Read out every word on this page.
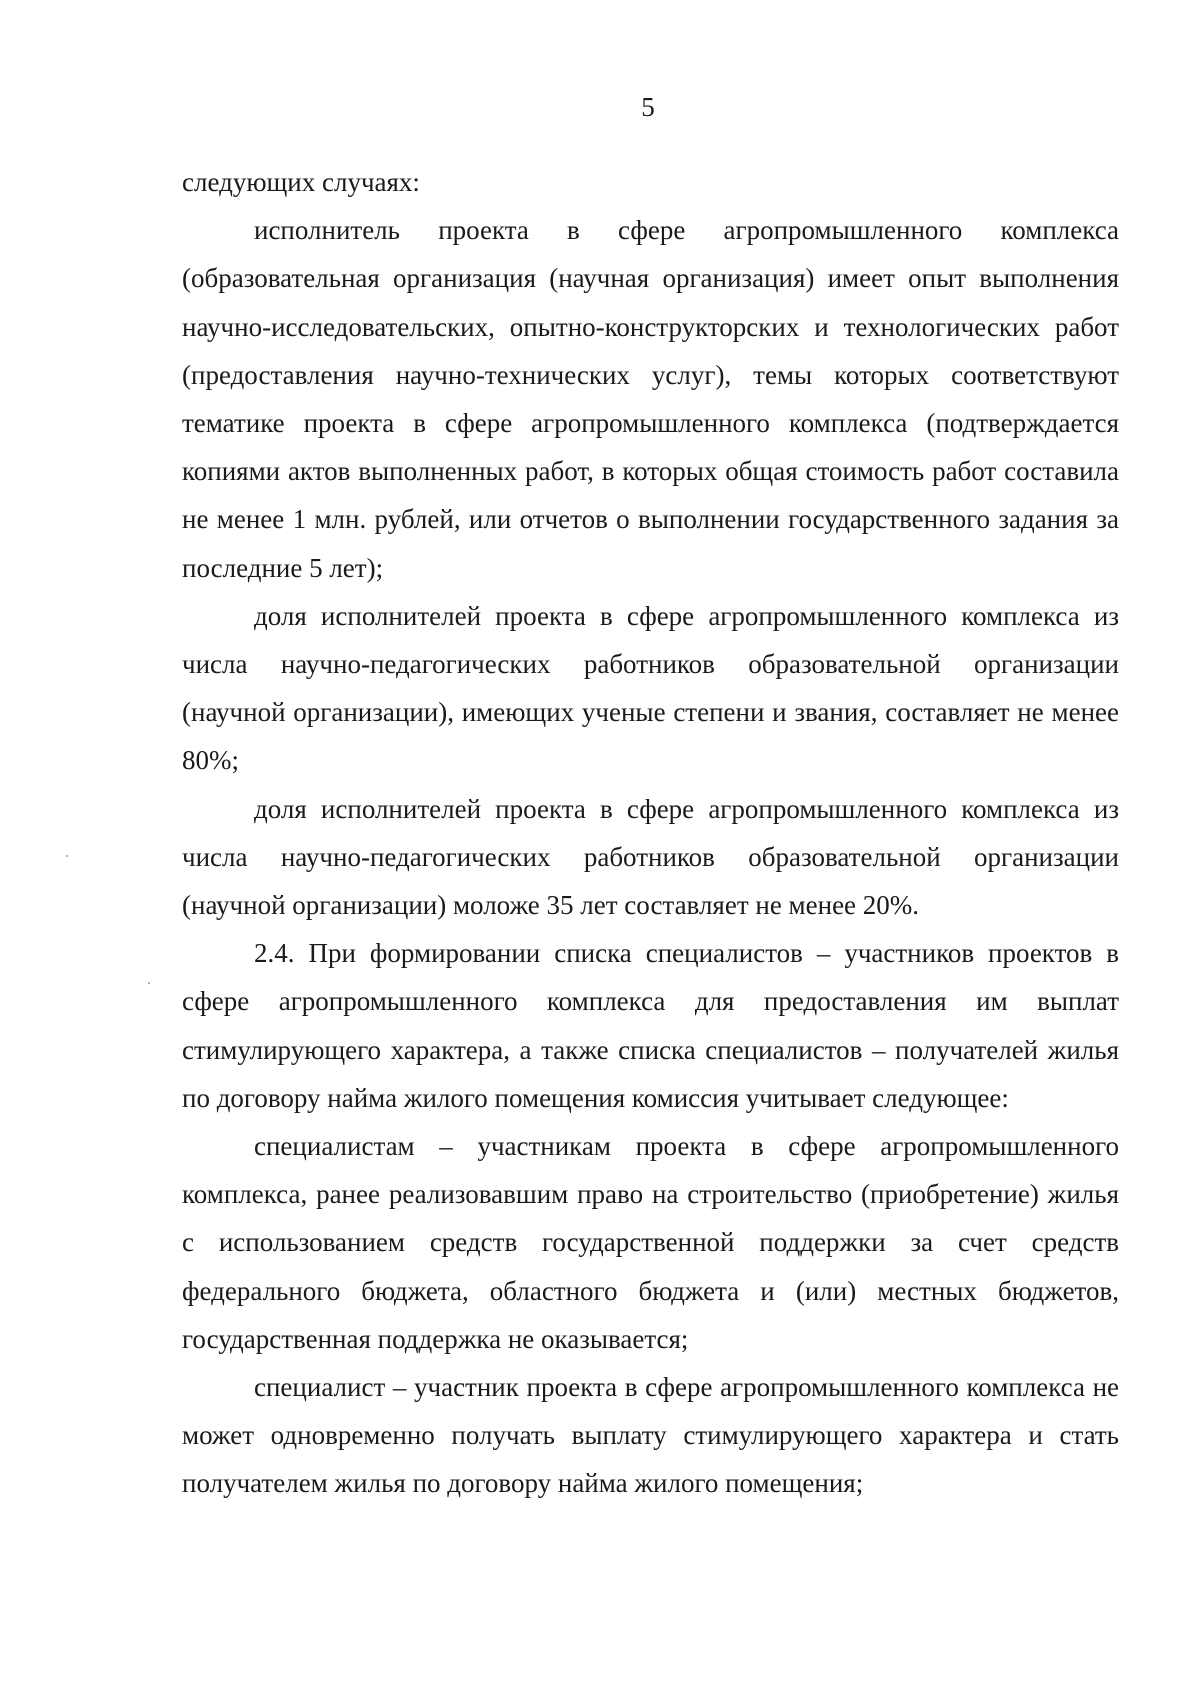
5

следующих случаях:

исполнитель проекта в сфере агропромышленного комплекса (образовательная организация (научная организация) имеет опыт выполнения научно-исследовательских, опытно-конструкторских и технологических работ (предоставления научно-технических услуг), темы которых соответствуют тематике проекта в сфере агропромышленного комплекса (подтверждается копиями актов выполненных работ, в которых общая стоимость работ составила не менее 1 млн. рублей, или отчетов о выполнении государственного задания за последние 5 лет);

доля исполнителей проекта в сфере агропромышленного комплекса из числа научно-педагогических работников образовательной организации (научной организации), имеющих ученые степени и звания, составляет не менее 80%;

доля исполнителей проекта в сфере агропромышленного комплекса из числа научно-педагогических работников образовательной организации (научной организации) моложе 35 лет составляет не менее 20%.

2.4. При формировании списка специалистов – участников проектов в сфере агропромышленного комплекса для предоставления им выплат стимулирующего характера, а также списка специалистов – получателей жилья по договору найма жилого помещения комиссия учитывает следующее:

специалистам – участникам проекта в сфере агропромышленного комплекса, ранее реализовавшим право на строительство (приобретение) жилья с использованием средств государственной поддержки за счет средств федерального бюджета, областного бюджета и (или) местных бюджетов, государственная поддержка не оказывается;

специалист – участник проекта в сфере агропромышленного комплекса не может одновременно получать выплату стимулирующего характера и стать получателем жилья по договору найма жилого помещения;
